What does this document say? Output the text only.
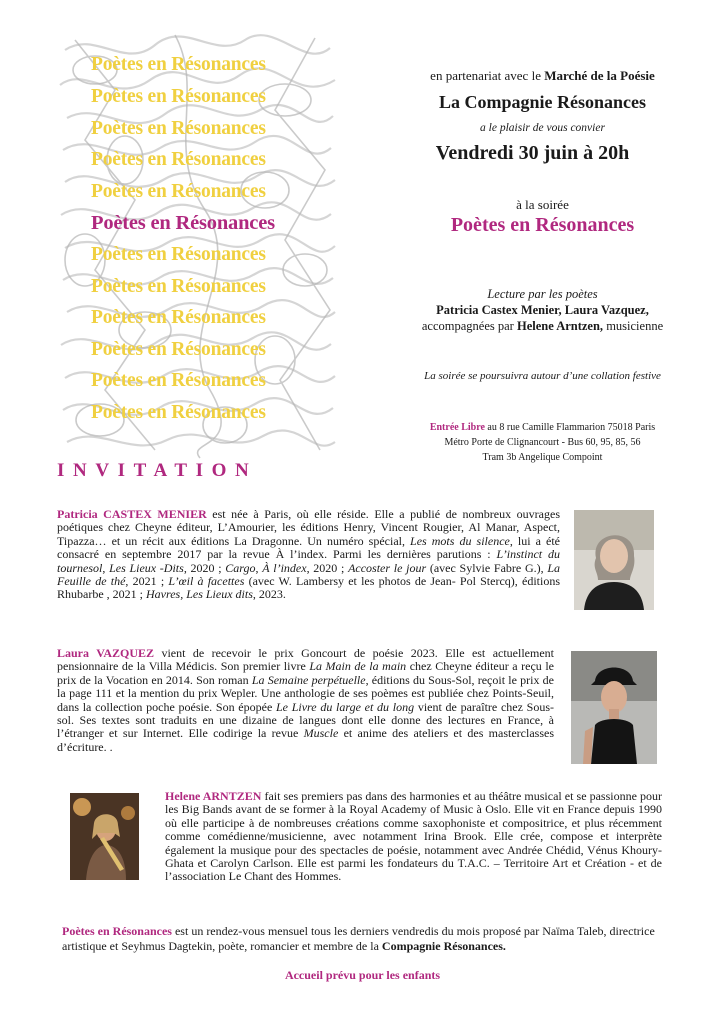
Poètes en Résonances
Poètes en Résonances
Poètes en Résonances
Poètes en Résonances
Poètes en Résonances
Poètes en Résonances
Poètes en Résonances
Poètes en Résonances
Poètes en Résonances
Poètes en Résonances
Poètes en Résonances
Poètes en Résonances
en partenariat avec le Marché de la Poésie
La Compagnie Résonances
a le plaisir de vous convier
Vendredi 30 juin à 20h
à la soirée
Poètes en Résonances
Lecture par les poètes
Patricia Castex Menier, Laura Vazquez,
accompagnées par Helene Arntzen, musicienne
La soirée se poursuivra autour d’une collation festive
Entrée Libre au 8 rue Camille Flammarion 75018 Paris
Métro Porte de Clignancourt - Bus 60, 95, 85, 56
Tram 3b Angelique Compoint
INVITATION
Patricia CASTEX MENIER est née à Paris, où elle réside. Elle a publié de nombreux ouvrages poétiques chez Cheyne éditeur, L’Amourier, les éditions Henry, Vincent Rougier, Al Manar, Aspect, Tipazza… et un récit aux éditions La Dragonne. Un numéro spécial, Les mots du silence, lui a été consacré en septembre 2017 par la revue À l’index. Parmi les dernières parutions : L’instinct du tournesol, Les Lieux -Dits, 2020 ; Cargo, À l’index, 2020 ; Accoster le jour (avec Sylvie Fabre G.), La Feuille de thé, 2021 ; L’œil à facettes (avec W. Lambersy et les photos de Jean- Pol Stercq), éditions Rhubarbe , 2021 ; Havres, Les Lieux dits, 2023.
Laura VAZQUEZ vient de recevoir le prix Goncourt de poésie 2023. Elle est actuellement pensionnaire de la Villa Médicis. Son premier livre La Main de la main chez Cheyne éditeur a reçu le prix de la Vocation en 2014. Son roman La Semaine perpétuelle, éditions du Sous-Sol, reçoit le prix de la page 111 et la mention du prix Wepler. Une anthologie de ses poèmes est publiée chez Points-Seuil, dans la collection poche poésie. Son épopée Le Livre du large et du long vient de paraître chez Sous-sol. Ses textes sont traduits en une dizaine de langues dont elle donne des lectures en France, à l’étranger et sur Internet. Elle codirige la revue Muscle et anime des ateliers et des masterclasses d’écriture. .
Helene ARNTZEN fait ses premiers pas dans des harmonies et au théâtre musical et se passionne pour les Big Bands avant de se former à la Royal Academy of Music à Oslo. Elle vit en France depuis 1990 où elle participe à de nombreuses créations comme saxophoniste et compositrice, et plus récemment comme comédienne/musicienne, avec notamment Irina Brook. Elle crée, compose et interprète également la musique pour des spectacles de poésie, notamment avec Andrée Chédid, Vénus Khoury-Ghata et Carolyn Carlson. Elle est parmi les fondateurs du T.A.C. – Territoire Art et Création - et de l’association Le Chant des Hommes.
Poètes en Résonances est un rendez-vous mensuel tous les derniers vendredis du mois proposé par Naïma Taleb, directrice artistique et Seyhmus Dagtekin, poète, romancier et membre de la Compagnie Résonances.
Accueil prévu pour les enfants
